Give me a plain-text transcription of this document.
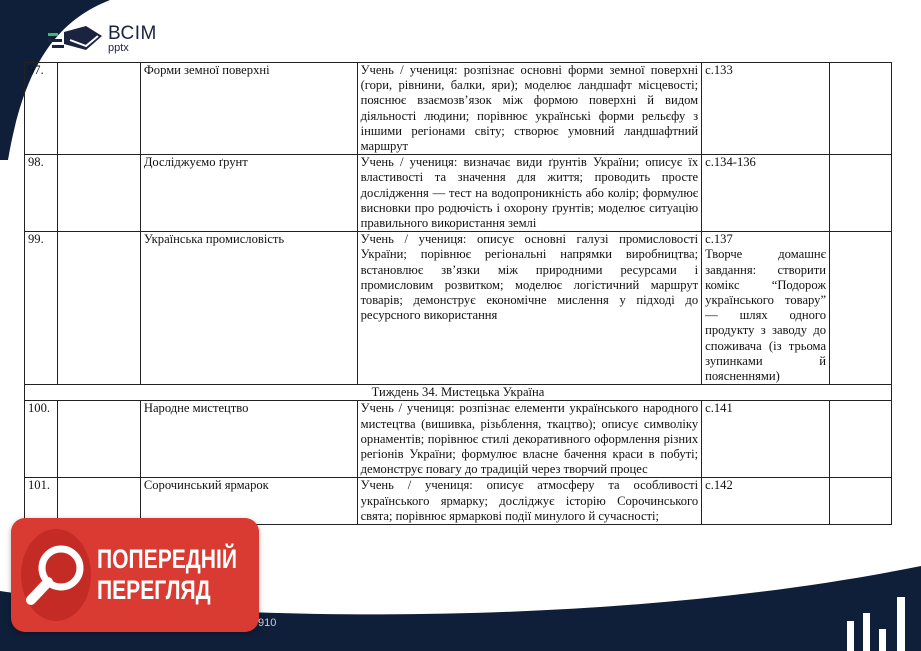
ВСІМ
pptx
97.		Форми земної поверхні	Учень / учениця: розпізнає основні форми земної поверхні (гори, рівнини, балки, яри); моделює ландшафт місцевості; пояснює взаємозв’язок між формою поверхні й видом діяльності людини; порівнює українські форми рельєфу з іншими регіонами світу; створює умовний ландшафтний маршрут	с.133	

98.		Досліджуємо ґрунт	Учень / учениця: визначає види ґрунтів України; описує їх властивості та значення для життя; проводить просте дослідження — тест на водопроникність або колір; формулює висновки про родючість і охорону ґрунтів; моделює ситуацію правильного використання землі	с.134-136	

99.		Українська промисловість	Учень / учениця: описує основні галузі промисловості України; порівнює регіональні напрямки виробництва; встановлює зв’язки між природними ресурсами і промисловим розвитком; моделює логістичний маршрут товарів; демонструє економічне мислення у підході до ресурсного використання	с.137
Творче домашнє завдання: створити комікс “Подорож українського товару” — шлях одного продукту з заводу до споживача (із трьома зупинками й поясненнями)	

Тиждень 34. Мистецька Україна					
100.		Народне мистецтво	Учень / учениця: розпізнає елементи українського народного мистецтва (вишивка, різьблення, ткацтво); описує символіку орнаментів; порівнює стилі декоративного оформлення різних регіонів України; формулює власне бачення краси в побуті; демонструє повагу до традицій через творчий процес	с.141	

101.		Сорочинський ярмарок	Учень / учениця: описує атмосферу та особливості українського ярмарку; досліджує історію Сорочинського свята; порівнює ярмаркові події минулого й сучасності;	с.142	

ПОПЕРЕДНІЙ
ПЕРЕГЛЯД
910
